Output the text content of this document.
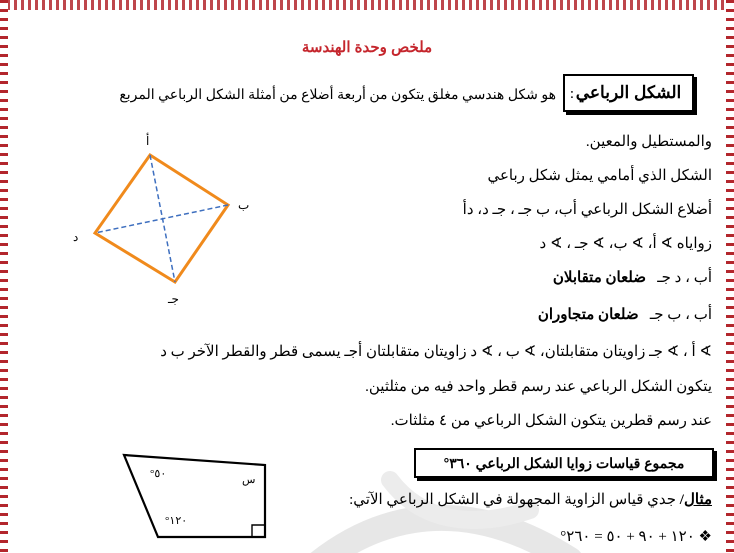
ملخص وحدة الهندسة
الشكل الرباعي
:
هو شكل هندسي مغلق يتكون من أربعة أضلاع من أمثلة الشكل الرباعي المربع
والمستطيل والمعين.
الشكل الذي أمامي يمثل شكل رباعي
أضلاع الشكل الرباعي أب، ب جـ ، جـ د، دأ
زواياه ∢ أ، ∢ ب، ∢ جـ ، ∢ د
أب ، د جـ   ضلعان متقابلان
أب ، ب جـ   ضلعان متجاوران
∢ أ ، ∢ جـ زاويتان متقابلتان، ∢ ب ، ∢ د زاويتان متقابلتان أجـ يسمى قطر والقطر الآخر ب د
يتكون الشكل الرباعي عند رسم قطر واحد فيه من مثلثين.
عند رسم قطرين يتكون الشكل الرباعي من ٤ مثلثات.
مجموع قياسات زوايا الشكل الرباعي ٣٦٠°
مثال/ جدي قياس الزاوية المجهولة في الشكل الرباعي الآتي:
❖ ١٢٠ + ٩٠ + ٥٠ = ٢٦٠°
أ
ب
جـ
د
س
°٥٠
°١٢٠
